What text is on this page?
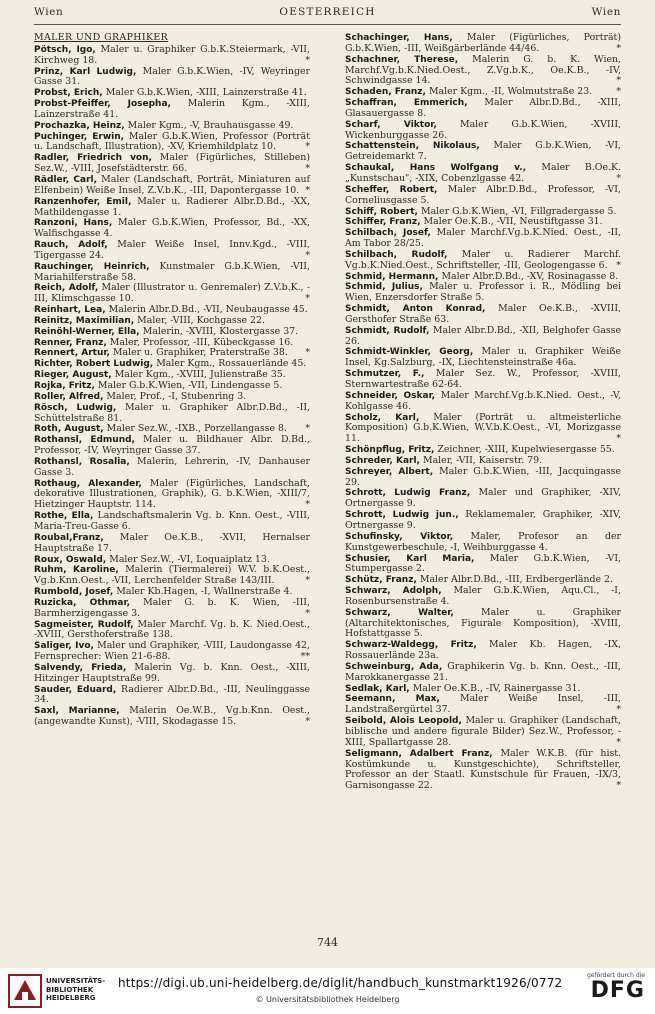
Wien	OESTERREICH	Wien
MALER UND GRAPHIKER
Pötsch, Igo, Maler u. Graphiker G.b.K.Steiermark, -VII, Kirchweg 18.	*
Prinz, Karl Ludwig, Maler G.b.K.Wien, -IV, Weyringer Gasse 31.
Probst, Erich, Maler G.b.K.Wien, -XIII, Lainzerstraße 41.
Probst-Pfeiffer, Josepha, Malerin Kgm., -XIII, Lainzerstraße 41.
Prochazka, Heinz, Maler Kgm., -V, Brauhausgasse 49.
Puchinger, Erwin, Maler G.b.K.Wien, Professor (Porträt u. Landschaft, Illustration), -XV, Kriemhildplatz 10.	*
Radler, Friedrich von, Maler (Figürliches, Stilleben) Sez.W., -VIII, Josefstädterstr. 66.	*
Rädler, Carl, Maler (Landschaft, Porträt, Miniaturen auf Elfenbein) Weiße Insel, Z.V.b.K., -III, Dapontergasse 10. *
Ranzenhofer, Emil, Maler u. Radierer Albr.D.Bd., -XX, Mathildengasse 1.
Ranzoni, Hans, Maler G.b.K.Wien, Professor, Bd., -XX, Walfischgasse 4.
Rauch, Adolf, Maler Weiße Insel, Innv.Kgd., -VIII, Tigergasse 24.	*
Rauchinger, Heinrich, Kunstmaler G.b.K.Wien, -VII, Mariahilferstraße 58.
Reich, Adolf, Maler (Illustrator u. Genremaler) Z.V.b.K., -III, Klimschgasse 10.	*
Reinhart, Lea, Malerin Albr.D.Bd., -VII, Neubaugasse 45.
Reinitz, Maximilian, Maler, -VIII, Kochgasse 22.
Reinöhl-Werner, Ella, Malerin, -XVIII, Klostergasse 37.
Renner, Franz, Maler, Professor, -III, Kübeckgasse 16.
Rennert, Artur, Maler u. Graphiker, Praterstraße 38. *
Richter, Robert Ludwig, Maler Kgm., Rossauerlände 45.
Rieger, August, Maler Kgm., -XVIII, Julienstraße 35.
Rojka, Fritz, Maler G.b.K.Wien, -VII, Lindengasse 5.
Roller, Alfred, Maler, Prof., -I, Stubenring 3.
Rösch, Ludwig, Maler u. Graphiker Albr.D.Bd., -II, Schüttelstraße 81.
Roth, August, Maler Sez.W., -IXB., Porzellangasse 8. *
Rothansl, Edmund, Maler u. Bildhauer Albr. D.Bd., Professor, -IV, Weyringer Gasse 37.
Rothansl, Rosalia, Malerin, Lehrerin, -IV, Danhauser Gasse 3.
Rothaug, Alexander, Maler (Figürliches, Landschaft, dekorative Illustrationen, Graphik), G. b.K.Wien, -XIII/7, Hietzinger Hauptstr. 114.	*
Rothe, Ella, Landschaftsmalerin Vg. b. Knn. Oest., -VIII, Maria-Treu-Gasse 6.
Roubal,Franz, Maler Oe.K.B., -XVII, Hernalser Hauptstraße 17.
Roux, Oswald, Maler Sez.W., -VI, Loquaiplatz 13.
Ruhm, Karoline, Malerin (Tiermalerei) W.V. b.K.Oest., Vg.b.Knn.Oest., -VII, Lerchenfelder Straße 143/III.	*
Rumbold, Josef, Maler Kb.Hagen, -I, Wallnerstraße 4.
Ruzicka, Othmar, Maler G. b. K. Wien, -III, Barmherzigengasse 3.	*
Sagmeister, Rudolf, Maler Marchf. Vg. b. K. Nied.Oest., -XVIII, Gersthoferstraße 138.
Saliger, Ivo, Maler und Graphiker, -VIII, Laudongasse 42, Fernsprecher: Wien 21-6-88.	**
Salvendy, Frieda, Malerin Vg. b. Knn. Oest., -XIII, Hitzinger Hauptstraße 99.
Sauder, Eduard, Radierer Albr.D.Bd., -III, Neulinggasse 34.
Saxl, Marianne, Malerin Oe.W.B., Vg.b.Knn. Oest., (angewandte Kunst), -VIII, Skodagasse 15.	*
Schachinger, Hans, Maler (Figürliches, Porträt) G.b.K.Wien, -III, Weißgärberlände 44/46.	*
Schachner, Therese, Malerin G. b. K. Wien, Marchf.Vg.b.K.Nied.Oest., Z.Vg.b.K., Oe.K.B., -IV, Schwindgasse 14.	*
Schaden, Franz, Maler Kgm., -II, Wolmutstraße 23.	*
Schaffran, Emmerich, Maler Albr.D.Bd., -XIII, Glasauergasse 8.
Scharf, Viktor, Maler G.b.K.Wien, -XVIII, Wickenburggasse 26.
Schattenstein, Nikolaus, Maler G.b.K.Wien, -VI, Getreidemarkt 7.
Schaukal, Hans Wolfgang v., Maler B.Oe.K. „Kunstschau", -XIX, Cobenzlgasse 42.	*
Scheffer, Robert, Maler Albr.D.Bd., Professor, -VI, Corneliusgasse 5.
Schiff, Robert, Maler G.b.K.Wien, -VI, Fillgradergasse 5.
Schiffer, Franz, Maler Oe.K.B., -VII, Neustiftgasse 31.
Schilbach, Josef, Maler Marchf.Vg.b.K.Nied. Oest., -II, Am Tabor 28/25.
Schilbach, Rudolf, Maler u. Radierer Marchf. Vg.b.K.Nied.Oest., Schriftsteller, -III, Geologengasse 6. *
Schmid, Hermann, Maler Albr.D.Bd., -XV, Rosinagasse 8.
Schmid, Julius, Maler u. Professor i. R., Mödling bei Wien, Enzersdorfer Straße 5.
Schmidt, Anton Konrad, Maler Oe.K.B., -XVIII, Gersthofer Straße 63.
Schmidt, Rudolf, Maler Albr.D.Bd., -XII, Belghofer Gasse 26.
Schmidt-Winkler, Georg, Maler u. Graphiker Weiße Insel, Kg.Salzburg, -IX, Liechtensteinstraße 46a.
Schmutzer, F., Maler Sez. W., Professor, -XVIII, Sternwartestraße 62-64.
Schneider, Oskar, Maler Marchf.Vg.b.K.Nied. Oest., -V, Kohlgasse 46.
Scholz, Karl, Maler (Porträt u. altmeisterliche Komposition) G.b.K.Wien, W.V.b.K.Oest., -VI, Morizgasse 11.	*
Schönpflug, Fritz, Zeichner, -XIII, Kupelwiesergasse 55.
Schreder, Karl, Maler, -VII, Kaiserstr. 79.
Schreyer, Albert, Maler G.b.K.Wien, -III, Jacquingasse 29.
Schrott, Ludwig Franz, Maler und Graphiker, -XIV, Ortnergasse 9.
Schrott, Ludwig jun., Reklamemaler, Graphiker, -XIV, Ortnergasse 9.
Schufinsky, Viktor, Maler, Profesor an der Kunstgewerbeschule, -I, Weihburggasse 4.
Schusier, Karl Maria, Maler G.b.K.Wien, -VI, Stumpergasse 2.
Schütz, Franz, Maler Albr.D.Bd., -III, Erdbergerlände 2.
Schwarz, Adolph, Maler G.b.K.Wien, Aqu.Cl., -I, Rosenbursenstraße 4.
Schwarz, Walter,	Maler u. Graphiker (Altarchitektonisches, Figurale Komposition), -XVIII, Hofstattgasse 5.
Schwarz-Waldegg, Fritz, Maler Kb. Hagen, -IX, Rossauerlände 23a.
Schweinburg, Ada, Graphikerin Vg. b. Knn. Oest., -III, Marokkanergasse 21.
Sedlak, Karl, Maler Oe.K.B., -IV, Rainergasse 31.
Seemann, Max, Maler Weiße Insel, -III, Landstraßergürtel 37.	*
Seibold, Alois Leopold, Maler u. Graphiker (Landschaft, biblische und andere figurale Bilder) Sez.W., Professor, -XIII, Spallartgasse 28.	*
Seligmann, Adalbert Franz, Maler W.K.B. (für hist. Kostümkunde u. Kunstgeschichte), Schriftsteller, Professor an der Staatl. Kunstschule für Frauen, -IX/3, Garnisongasse 22.	*
744
UNIVERSITÄTS-
BIBLIOTHEK
HEIDELBERG
https://digi.ub.uni-heidelberg.de/diglit/handbuch_kunstmarkt1926/0772
© Universitätsbibliothek Heidelberg
gefördert durch die
DFG
